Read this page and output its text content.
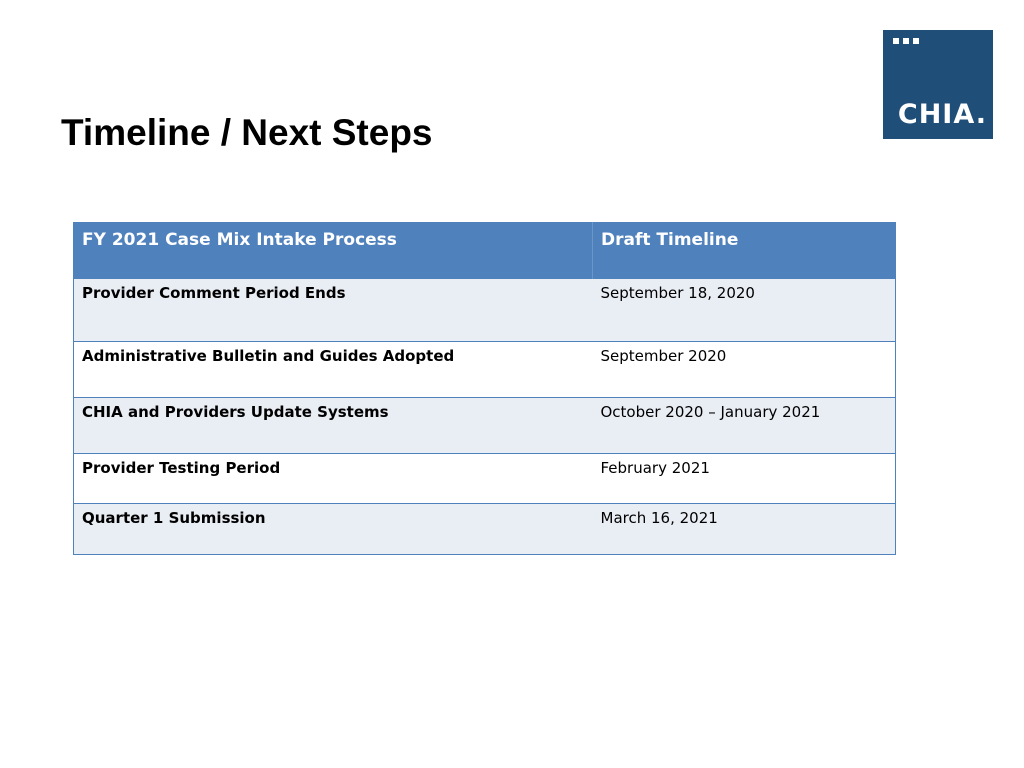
Timeline / Next Steps	CHIA.
FY 2021 Case Mix Intake Process	Draft Timeline
Provider Comment Period Ends	September 18, 2020
Administrative Bulletin and Guides Adopted	September 2020
CHIA and Providers Update Systems	October 2020 – January 2021
Provider Testing Period	February 2021
Quarter 1 Submission	March 16, 2021
